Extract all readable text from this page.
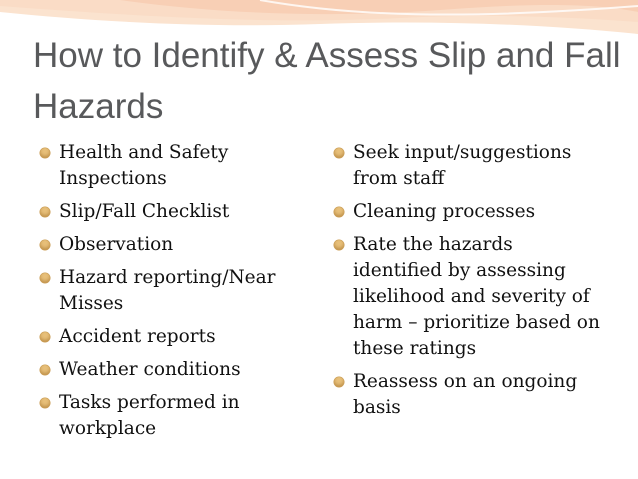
How to Identify & Assess Slip and Fall Hazards
Health and Safety Inspections
Slip/Fall Checklist
Observation
Hazard reporting/Near Misses
Accident reports
Weather conditions
Tasks performed in workplace
Seek input/suggestions from staff
Cleaning processes
Rate the hazards identified by assessing likelihood and severity of harm – prioritize based on these ratings
Reassess on an ongoing basis
